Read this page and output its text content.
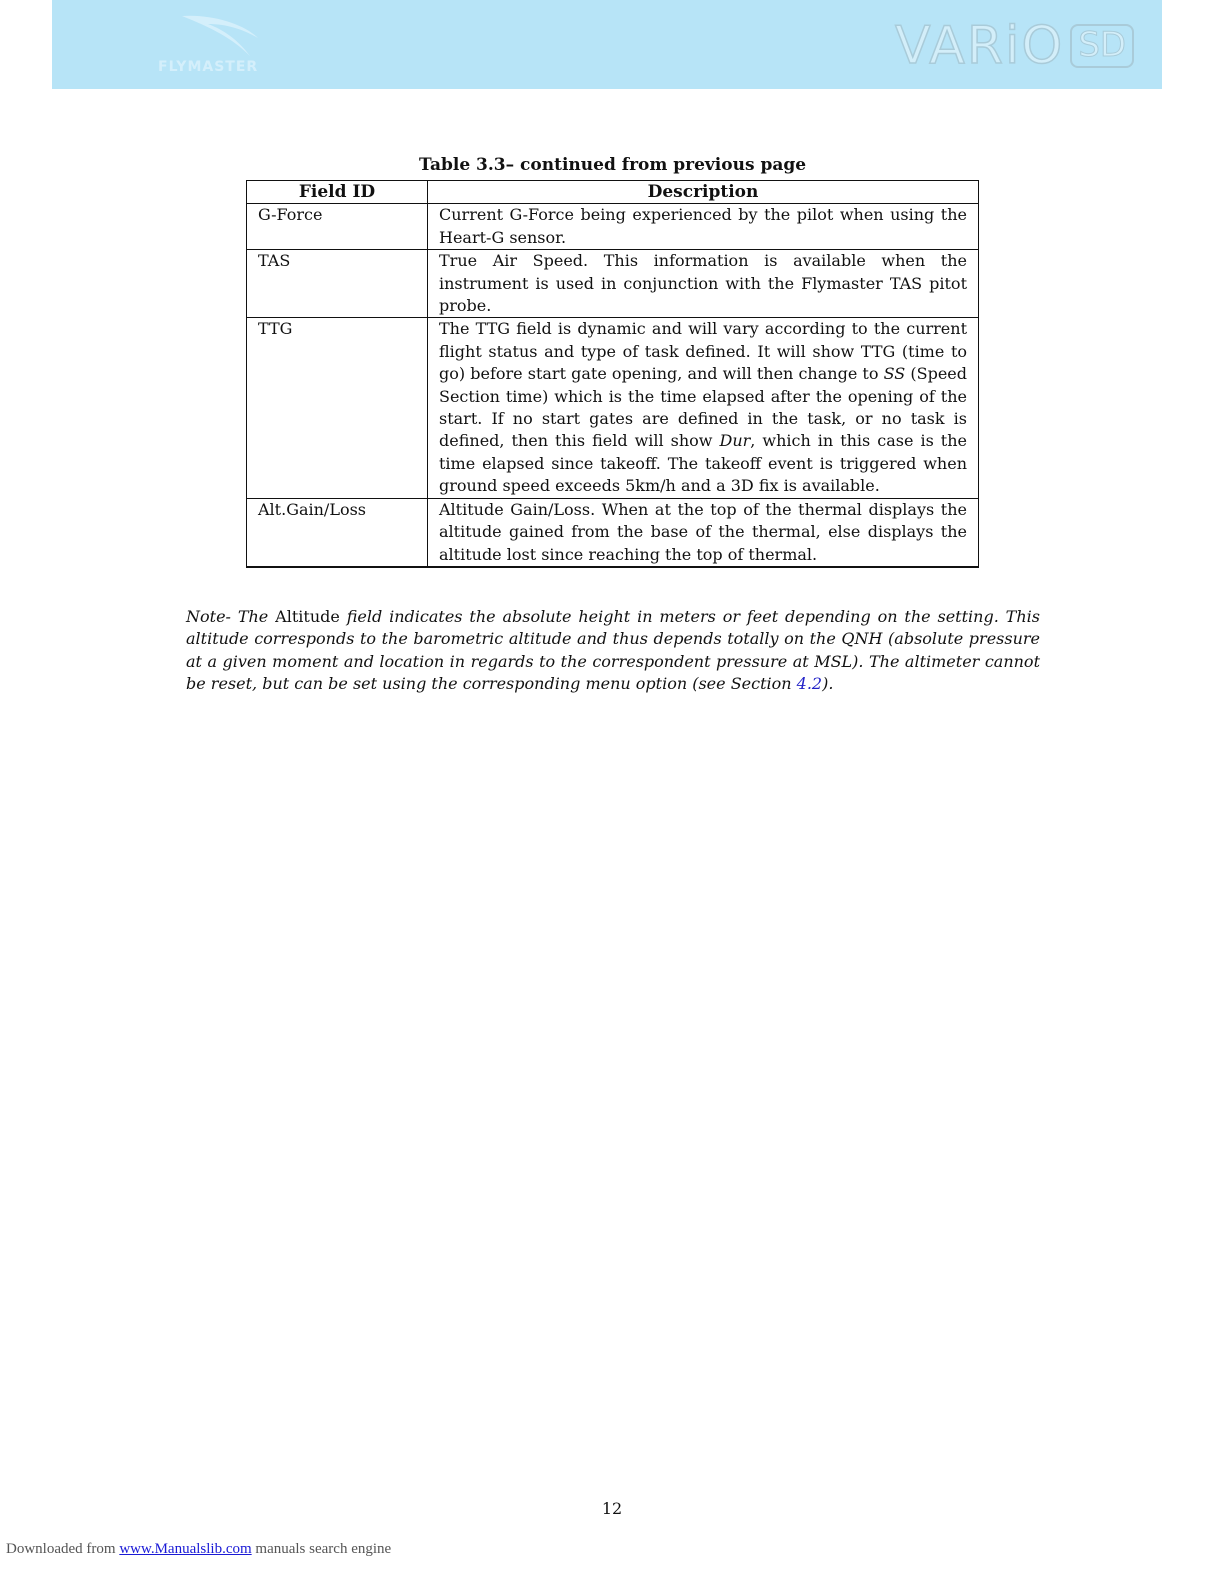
FLYMASTER	VARiO SD
Table 3.3– continued from previous page
Field ID	Description
G-Force	Current G-Force being experienced by the pilot when using the Heart-G sensor.
TAS	True Air Speed. This information is available when the instrument is used in conjunction with the Flymaster TAS pitot probe.
TTG	The TTG field is dynamic and will vary according to the current flight status and type of task defined. It will show TTG (time to go) before start gate opening, and will then change to SS (Speed Section time) which is the time elapsed after the opening of the start. If no start gates are defined in the task, or no task is defined, then this field will show Dur, which in this case is the time elapsed since takeoff. The takeoff event is triggered when ground speed exceeds 5km/h and a 3D fix is available.
Alt.Gain/Loss	Altitude Gain/Loss. When at the top of the thermal displays the altitude gained from the base of the thermal, else displays the altitude lost since reaching the top of thermal.
Note- The Altitude field indicates the absolute height in meters or feet depending on the setting. This altitude corresponds to the barometric altitude and thus depends totally on the QNH (absolute pressure at a given moment and location in regards to the correspondent pressure at MSL). The altimeter cannot be reset, but can be set using the corresponding menu option (see Section 4.2).
12
Downloaded from www.Manualslib.com manuals search engine
